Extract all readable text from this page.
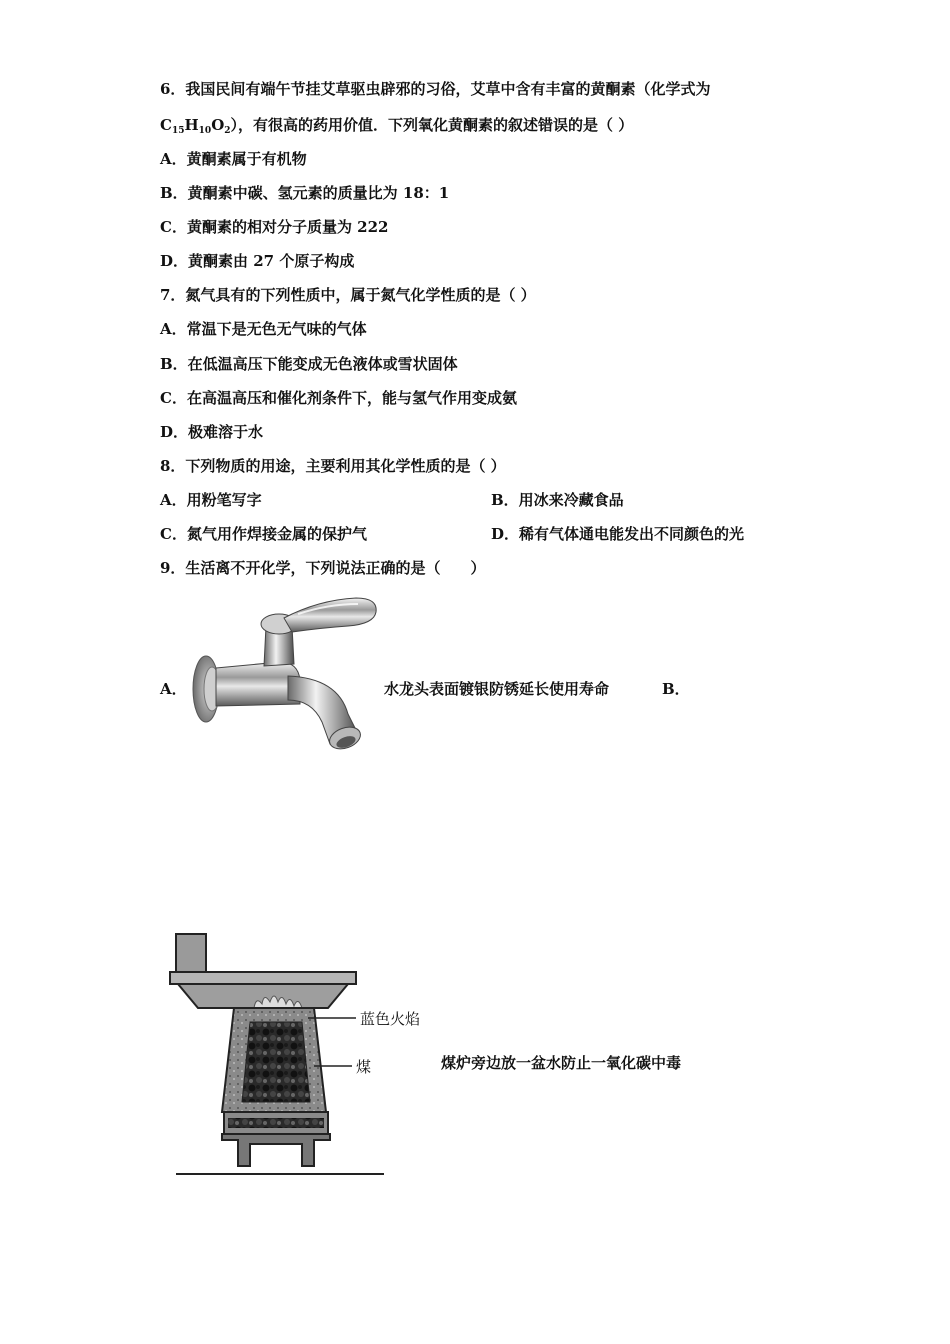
6．我国民间有端午节挂艾草驱虫辟邪的习俗，艾草中含有丰富的黄酮素（化学式为
$C_{15}H_{10}O_2$），有很高的药用价值．下列氧化黄酮素的叙述错误的是（ ）
A．黄酮素属于有机物
B．黄酮素中碳、氢元素的质量比为 18：1
C．黄酮素的相对分子质量为 222
D．黄酮素由 27 个原子构成
7．氮气具有的下列性质中，属于氮气化学性质的是（ ）
A．常温下是无色无气味的气体
B．在低温高压下能变成无色液体或雪状固体
C．在高温高压和催化剂条件下，能与氢气作用变成氨
D．极难溶于水
8．下列物质的用途，主要利用其化学性质的是（ ）
A．用粉笔写字	B．用冰来冷藏食品
C．氮气用作焊接金属的保护气	D．稀有气体通电能发出不同颜色的光
9．生活离不开化学，下列说法正确的是（　　）
A．	水龙头表面镀银防锈延长使用寿命	B．
蓝色火焰
煤	煤炉旁边放一盆水防止一氧化碳中毒
